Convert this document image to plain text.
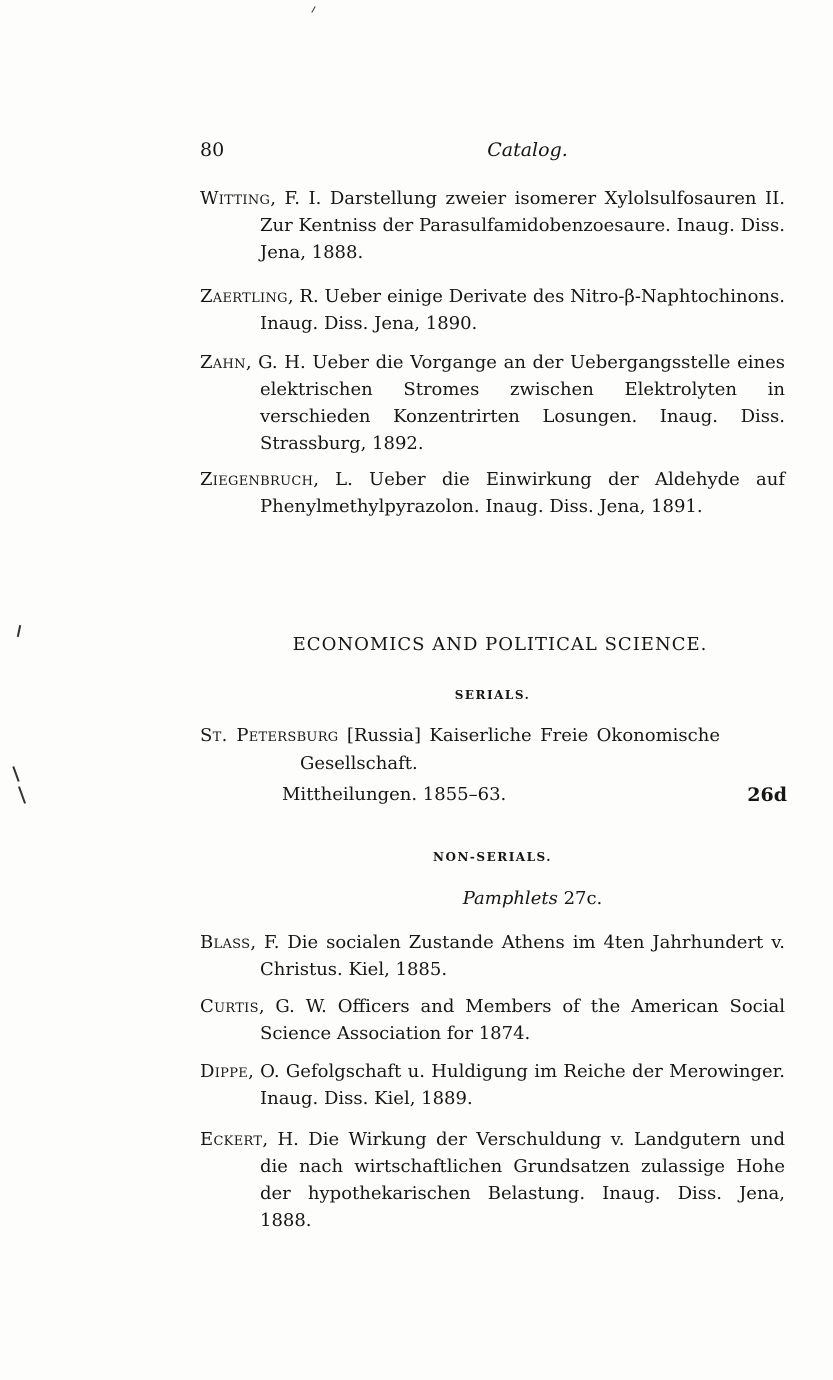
80	Catalog.
Witting, F. I. Darstellung zweier isomerer Xylolsulfosauren II. Zur Kentniss der Parasulfamidobenzoesaure. Inaug. Diss. Jena, 1888.
Zaertling, R. Ueber einige Derivate des Nitro-β-Naphtochinons. Inaug. Diss. Jena, 1890.
Zahn, G. H. Ueber die Vorgange an der Uebergangsstelle eines elektrischen Stromes zwischen Elektrolyten in verschieden Konzentrirten Losungen. Inaug. Diss. Strassburg, 1892.
Ziegenbruch, L. Ueber die Einwirkung der Aldehyde auf Phenylmethylpyrazolon. Inaug. Diss. Jena, 1891.
ECONOMICS AND POLITICAL SCIENCE.
SERIALS.
St. Petersburg [Russia] Kaiserliche Freie Okonomische Gesellschaft.
Mittheilungen. 1855–63.	26d
NON-SERIALS.
Pamphlets 27c.
Blass, F. Die socialen Zustande Athens im 4ten Jahrhundert v. Christus. Kiel, 1885.
Curtis, G. W. Officers and Members of the American Social Science Association for 1874.
Dippe, O. Gefolgschaft u. Huldigung im Reiche der Merowinger. Inaug. Diss. Kiel, 1889.
Eckert, H. Die Wirkung der Verschuldung v. Landgutern und die nach wirtschaftlichen Grundsatzen zulassige Hohe der hypothekarischen Belastung. Inaug. Diss. Jena, 1888.
